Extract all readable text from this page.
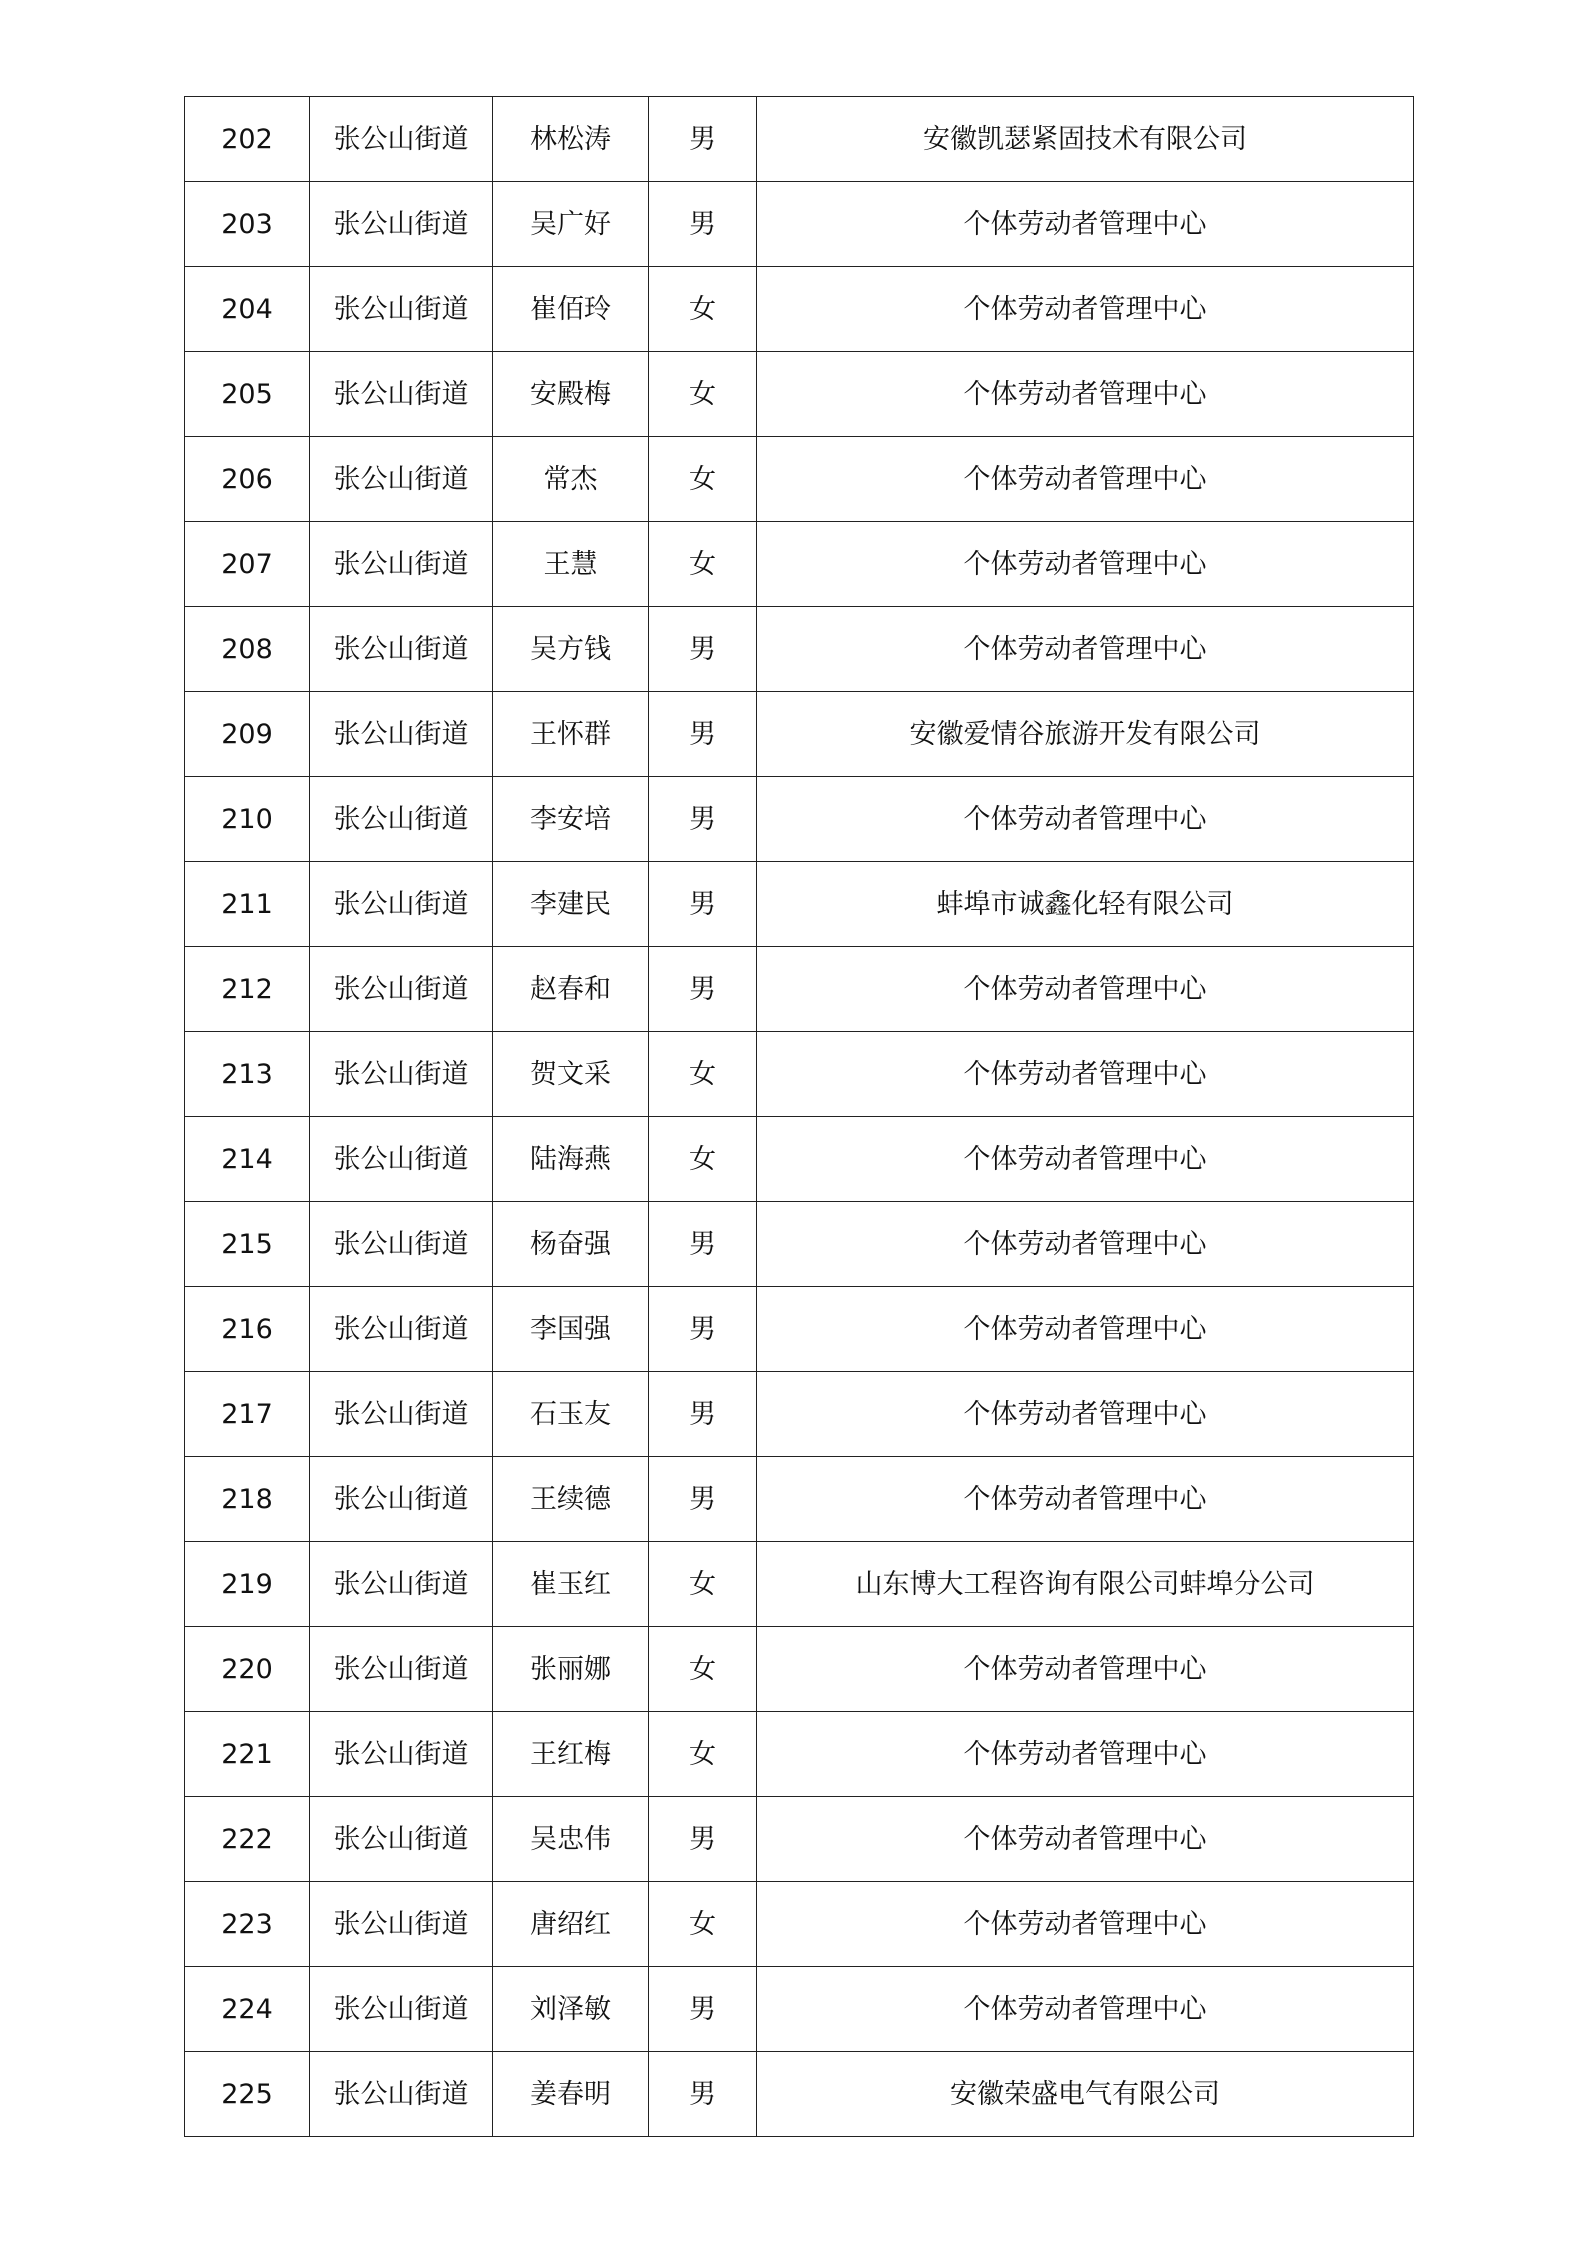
202	张公山街道	林松涛	男	安徽凯瑟紧固技术有限公司
203	张公山街道	吴广好	男	个体劳动者管理中心
204	张公山街道	崔佰玲	女	个体劳动者管理中心
205	张公山街道	安殿梅	女	个体劳动者管理中心
206	张公山街道	常杰	女	个体劳动者管理中心
207	张公山街道	王慧	女	个体劳动者管理中心
208	张公山街道	吴方钱	男	个体劳动者管理中心
209	张公山街道	王怀群	男	安徽爱情谷旅游开发有限公司
210	张公山街道	李安培	男	个体劳动者管理中心
211	张公山街道	李建民	男	蚌埠市诚鑫化轻有限公司
212	张公山街道	赵春和	男	个体劳动者管理中心
213	张公山街道	贺文采	女	个体劳动者管理中心
214	张公山街道	陆海燕	女	个体劳动者管理中心
215	张公山街道	杨奋强	男	个体劳动者管理中心
216	张公山街道	李国强	男	个体劳动者管理中心
217	张公山街道	石玉友	男	个体劳动者管理中心
218	张公山街道	王续德	男	个体劳动者管理中心
219	张公山街道	崔玉红	女	山东博大工程咨询有限公司蚌埠分公司
220	张公山街道	张丽娜	女	个体劳动者管理中心
221	张公山街道	王红梅	女	个体劳动者管理中心
222	张公山街道	吴忠伟	男	个体劳动者管理中心
223	张公山街道	唐绍红	女	个体劳动者管理中心
224	张公山街道	刘泽敏	男	个体劳动者管理中心
225	张公山街道	姜春明	男	安徽荣盛电气有限公司
